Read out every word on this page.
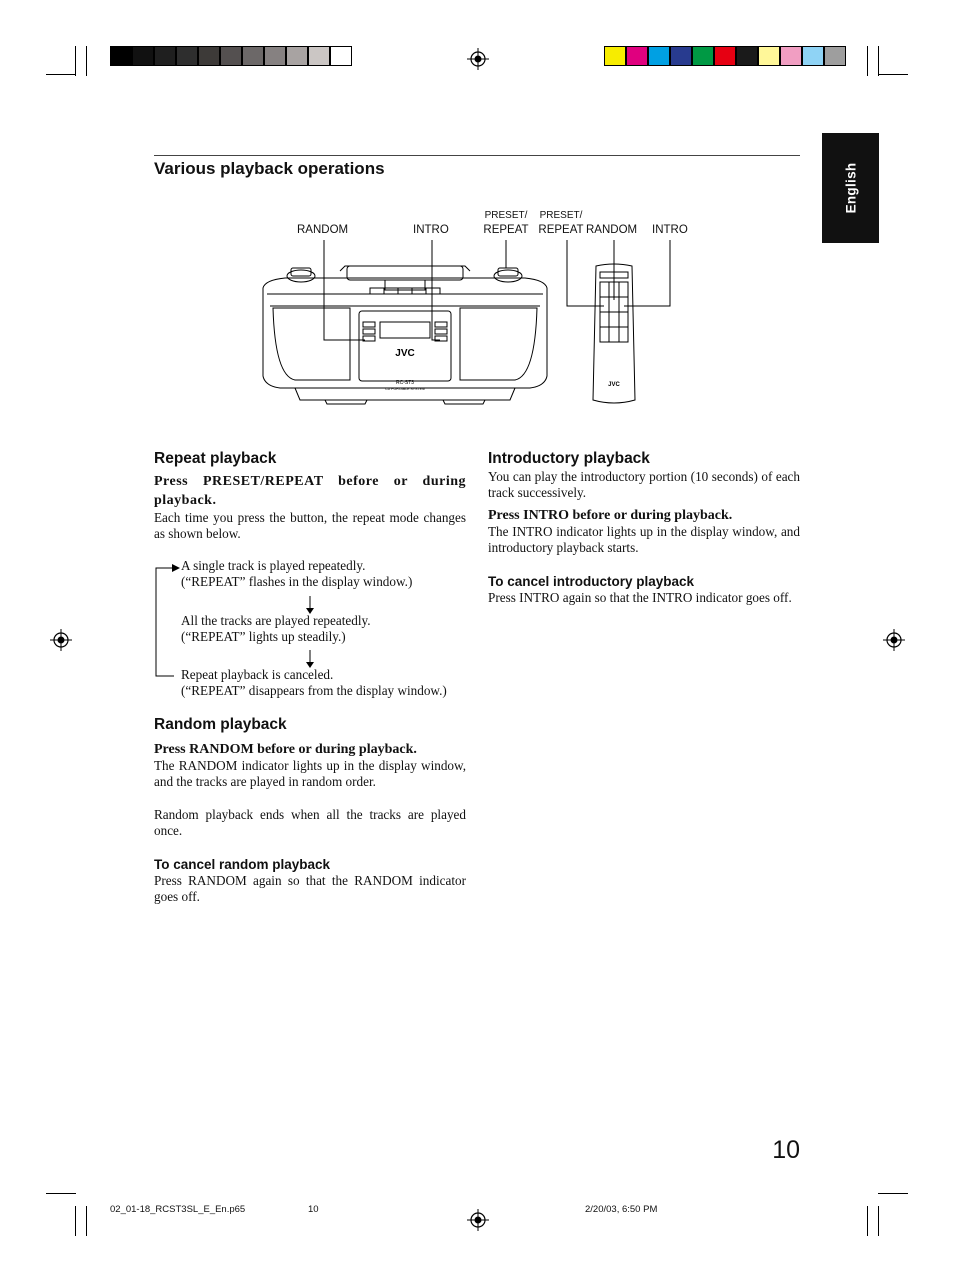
English
Various playback operations
RANDOM	INTRO
PRESET/
REPEAT
PRESET/
REPEAT RANDOM INTRO
JVC
RC-ST3
CD PORTABLE SYSTEM
JVC
Repeat playback
Press PRESET/REPEAT before or during playback.
Each time you press the button, the repeat mode changes as shown below.
A single track is played repeatedly.
(“REPEAT” flashes in the display window.)
All the tracks are played repeatedly.
(“REPEAT” lights up steadily.)
Repeat playback is canceled.
(“REPEAT” disappears from the display window.)
Random playback
Press RANDOM before or during playback.
The RANDOM indicator lights up in the display window, and the tracks are played in random order.
Random playback ends when all the tracks are played once.
To cancel random playback
Press RANDOM again so that the RANDOM indicator goes off.
Introductory playback
You can play the introductory portion (10 seconds) of each track successively.
Press INTRO before or during playback.
The INTRO indicator lights up in the display window, and introductory playback starts.
To cancel introductory playback
Press INTRO again so that the INTRO indicator goes off.
10
02_01-18_RCST3SL_E_En.p65	10	2/20/03, 6:50 PM
